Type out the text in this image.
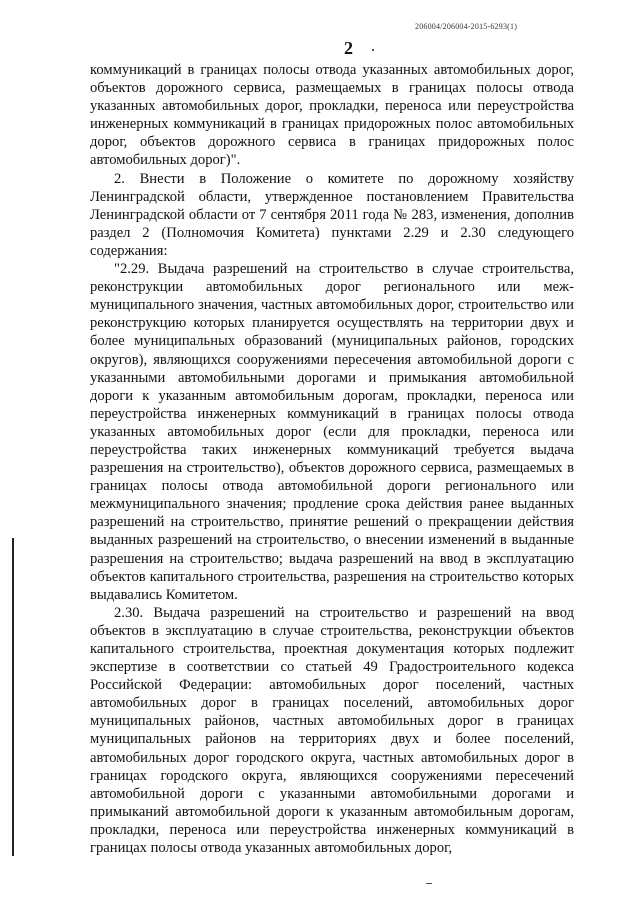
206004/206004-2015-6293(1)
2

коммуникаций в границах полосы отвода указанных автомобильных дорог, объектов дорожного сервиса, размещаемых в границах полосы отвода указанных автомобильных дорог, прокладки, переноса или переустройства инженерных коммуникаций в границах придорожных полос автомобильных дорог, объектов дорожного сервиса в границах придорожных полос автомобильных дорог)".

2. Внести в Положение о комитете по дорожному хозяйству Ленинградской области, утвержденное постановлением Правительства Ленинградской области от 7 сентября 2011 года № 283, изменения, дополнив раздел 2 (Полномочия Комитета) пунктами 2.29 и 2.30 следующего содержания:

"2.29. Выдача разрешений на строительство в случае строительства, реконструкции автомобильных дорог регионального или меж-муниципального значения, частных автомобильных дорог, строительство или реконструкцию которых планируется осуществлять на территории двух и более муниципальных образований (муниципальных районов, городских округов), являющихся сооружениями пересечения автомобильной дороги с указанными автомобильными дорогами и примыкания автомобильной дороги к указанным автомобильным дорогам, прокладки, переноса или переустройства инженерных коммуникаций в границах полосы отвода указанных автомобильных дорог (если для прокладки, переноса или переустройства таких инженерных коммуникаций требуется выдача разрешения на строительство), объектов дорожного сервиса, размещаемых в границах полосы отвода автомобильной дороги регионального или межмуниципального значения; продление срока действия ранее выданных разрешений на строительство, принятие решений о прекращении действия выданных разрешений на строительство, о внесении изменений в выданные разрешения на строительство; выдача разрешений на ввод в эксплуатацию объектов капитального строительства, разрешения на строительство которых выдавались Комитетом.

2.30. Выдача разрешений на строительство и разрешений на ввод объектов в эксплуатацию в случае строительства, реконструкции объектов капитального строительства, проектная документация которых подлежит экспертизе в соответствии со статьей 49 Градостроительного кодекса Российской Федерации: автомобильных дорог поселений, частных автомобильных дорог в границах поселений, автомобильных дорог муниципальных районов, частных автомобильных дорог в границах муниципальных районов на территориях двух и более поселений, автомобильных дорог городского округа, частных автомобильных дорог в границах городского округа, являющихся сооружениями пересечений автомобильной дороги с указанными автомобильными дорогами и примыканий автомобильной дороги к указанным автомобильным дорогам, прокладки, переноса или переустройства инженерных коммуникаций в границах полосы отвода указанных автомобильных дорог,
